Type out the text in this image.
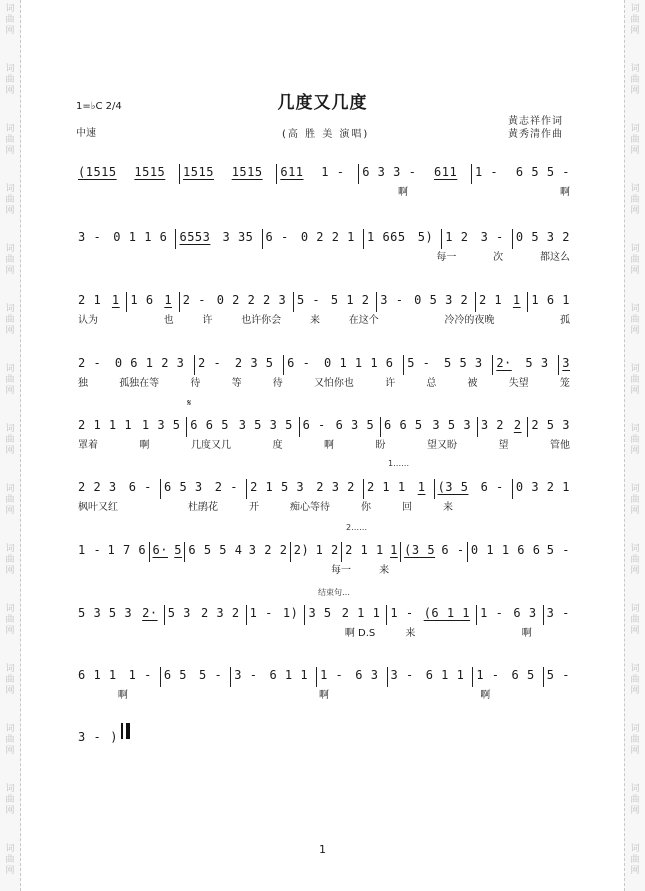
词
曲
网
词
曲
网
词
曲
网
词
曲
网
词
曲
网
词
曲
网
词
曲
网
词
曲
网
词
曲
网
词
曲
网
词
曲
网
词
曲
网
词
曲
网
词
曲
网
词
曲
网
词
曲
网
词
曲
网
词
曲
网
词
曲
网
词
曲
网
词
曲
网
词
曲
网
词
曲
网
词
曲
网
词
曲
网
词
曲
网
词
曲
网
词
曲
网
词
曲
网
词
曲
网
几度又几度
1=♭C 2/4
中速	(高 胜 美 演唱)
黄志祥作词
黄秀清作曲
(1515 1515 1515 1515 611 1 - 6 3 3 - 611 1 - 6 5 5 -
啊	啊
3 - 0 1 1 6 6553 3 35 6 - 0 2 2 1 1 665 5) 1 2 3 - 0 5 3 2
每一	次	都这么
2 1 1 1 6 1 2 - 0 2 2 2 3 5 - 5 1 2 3 - 0 5 3 2 2 1 1 1 6 1
认为	也	许	也许你会	来	在这个	冷冷的夜晚	孤
2 - 0 6 1 2 3 2 - 2 3 5 6 - 0 1 1 1 6 5 - 5 5 3 2· 5 3 3
独	孤独在等	待	等	待	又怕你也	许	总	被	失望	笼
2 1 1 1 1 3 5 6 6 5 3 5 3 5 6 - 6 3 5 6 6 5 3 5 3 3 2 2 2 5 3
罩着	啊	几度又几	度	啊	盼	望又盼	望	管他
2 2 3 6 - 6 5 3 2 - 2 1 5 3 2 3 2 2 1 1 1 (3 5 6 - 0 3 2 1
枫叶又红	杜鹃花	开	痴心等待	你	回	来
1 - 1 7 6 6· 5 6 5 5 4 3 2 2 2) 1 2 2 1 1 1 (3 5 6 - 0 1 1 6 6 5 -
每一	来
5 3 5 3 2· 5 3 2 3 2 1 - 1) 3 5 2 1 1 1 - (6 1 1 1 - 6 3 3 -
啊 D.S	来	啊
6 1 1 1 - 6 5 5 - 3 - 6 1 1 1 - 6 3 3 - 6 1 1 1 - 6 5 5 -
啊	啊	啊
3 - )
1……
2……
结束句…
𝄋
1
